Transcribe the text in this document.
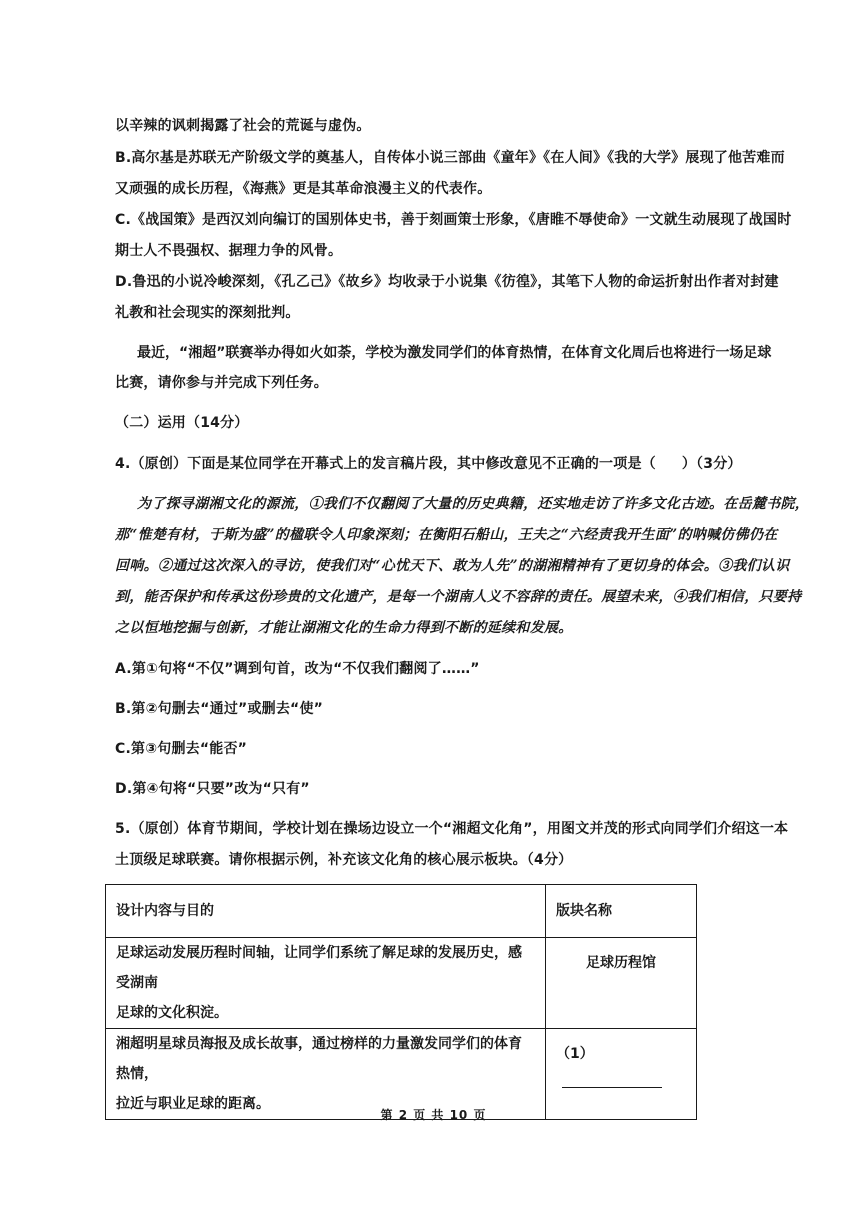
以辛辣的讽刺揭露了社会的荒诞与虚伪。
B.高尔基是苏联无产阶级文学的奠基人，自传体小说三部曲《童年》《在人间》《我的大学》展现了他苦难而
又顽强的成长历程，《海燕》更是其革命浪漫主义的代表作。
C.《战国策》是西汉刘向编订的国别体史书，善于刻画策士形象，《唐睢不辱使命》一文就生动展现了战国时
期士人不畏强权、据理力争的风骨。
D.鲁迅的小说冷峻深刻，《孔乙己》《故乡》均收录于小说集《彷徨》，其笔下人物的命运折射出作者对封建
礼教和社会现实的深刻批判。
最近，“湘超”联赛举办得如火如荼，学校为激发同学们的体育热情，在体育文化周后也将进行一场足球
比赛，请你参与并完成下列任务。
（二）运用（14分）
4.（原创）下面是某位同学在开幕式上的发言稿片段，其中修改意见不正确的一项是（ ）（3分）
为了探寻湖湘文化的源流，①我们不仅翻阅了大量的历史典籍，还实地走访了许多文化古迹。在岳麓书院，
那“惟楚有材，于斯为盛”的楹联令人印象深刻；在衡阳石船山，王夫之“六经责我开生面”的呐喊仿佛仍在
回响。②通过这次深入的寻访，使我们对“心忧天下、敢为人先”的湖湘精神有了更切身的体会。③我们认识
到，能否保护和传承这份珍贵的文化遗产，是每一个湖南人义不容辞的责任。展望未来，④我们相信，只要持
之以恒地挖掘与创新，才能让湖湘文化的生命力得到不断的延续和发展。
A.第①句将“不仅”调到句首，改为“不仅我们翻阅了……”
B.第②句删去“通过”或删去“使”
C.第③句删去“能否”
D.第④句将“只要”改为“只有”
5.（原创）体育节期间，学校计划在操场边设立一个“湘超文化角”，用图文并茂的形式向同学们介绍这一本
土顶级足球联赛。请你根据示例，补充该文化角的核心展示板块。（4分）
设计内容与目的	版块名称

足球运动发展历程时间轴，让同学们系统了解足球的发展历史，感受湖南
足球的文化积淀。	足球历程馆

湘超明星球员海报及成长故事，通过榜样的力量激发同学们的体育热情，
拉近与职业足球的距离。	（1）
第 2 页 共 10 页
